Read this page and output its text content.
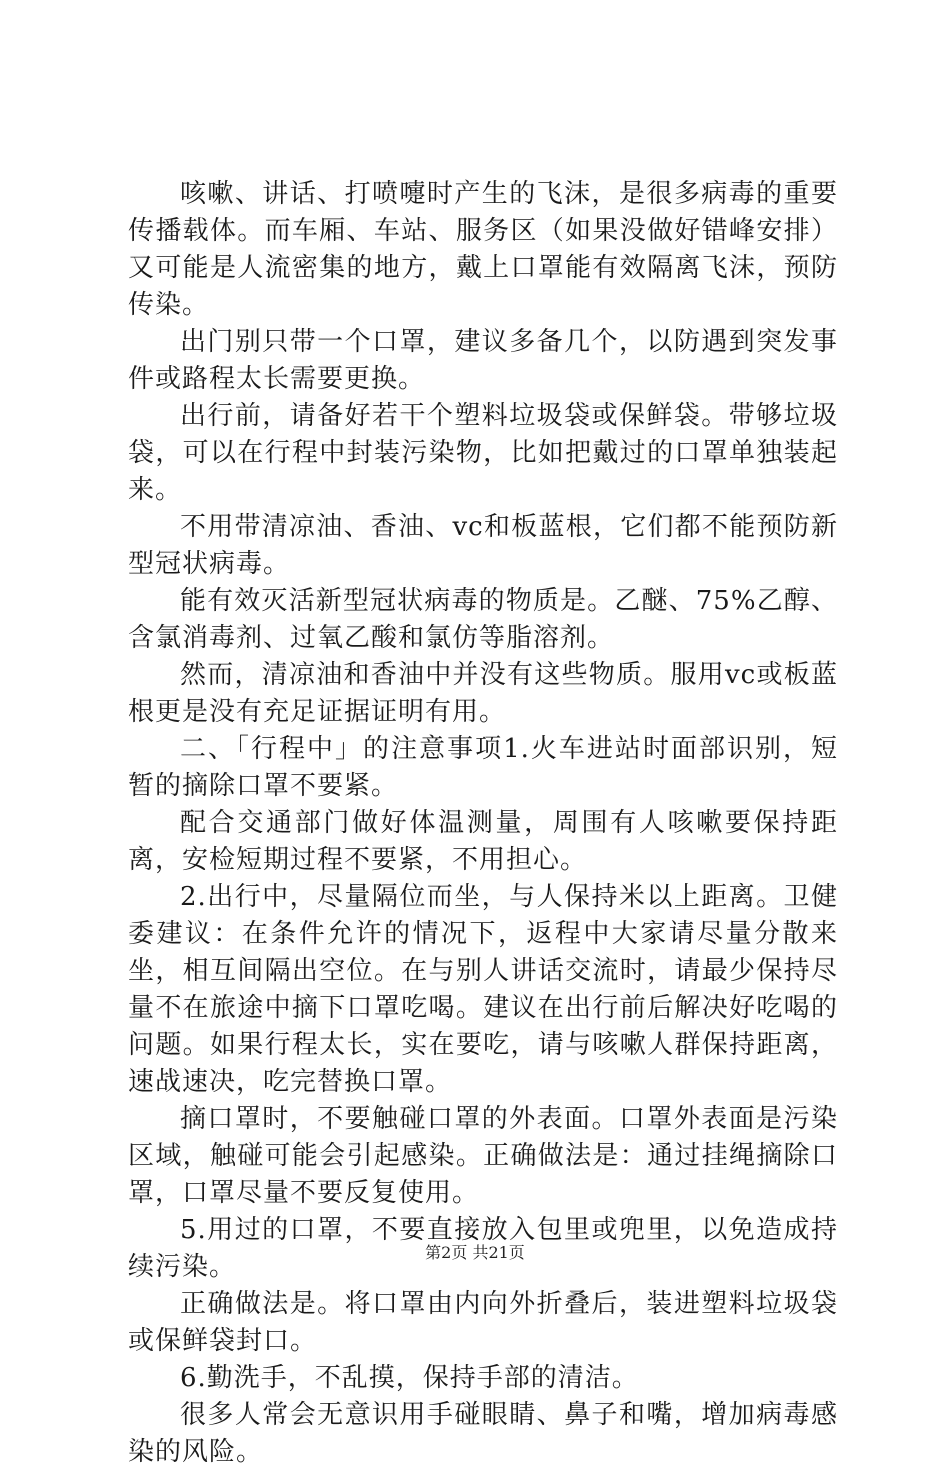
咳嗽、讲话、打喷嚏时产生的飞沫，是很多病毒的重要传播载体。而车厢、车站、服务区（如果没做好错峰安排）又可能是人流密集的地方，戴上口罩能有效隔离飞沫，预防传染。

出门别只带一个口罩，建议多备几个，以防遇到突发事件或路程太长需要更换。

出行前，请备好若干个塑料垃圾袋或保鲜袋。带够垃圾袋，可以在行程中封装污染物，比如把戴过的口罩单独装起来。

不用带清凉油、香油、vc和板蓝根，它们都不能预防新型冠状病毒。

能有效灭活新型冠状病毒的物质是。乙醚、75%乙醇、含氯消毒剂、过氧乙酸和氯仿等脂溶剂。

然而，清凉油和香油中并没有这些物质。服用vc或板蓝根更是没有充足证据证明有用。

二、「行程中」的注意事项1.火车进站时面部识别，短暂的摘除口罩不要紧。

配合交通部门做好体温测量，周围有人咳嗽要保持距离，安检短期过程不要紧，不用担心。

2.出行中，尽量隔位而坐，与人保持米以上距离。卫健委建议：在条件允许的情况下，返程中大家请尽量分散来坐，相互间隔出空位。在与别人讲话交流时，请最少保持尽量不在旅途中摘下口罩吃喝。建议在出行前后解决好吃喝的问题。如果行程太长，实在要吃，请与咳嗽人群保持距离，速战速决，吃完替换口罩。

摘口罩时，不要触碰口罩的外表面。口罩外表面是污染区域，触碰可能会引起感染。正确做法是：通过挂绳摘除口罩，口罩尽量不要反复使用。

5.用过的口罩，不要直接放入包里或兜里，以免造成持续污染。

正确做法是。将口罩由内向外折叠后，装进塑料垃圾袋或保鲜袋封口。

6.勤洗手，不乱摸，保持手部的清洁。

很多人常会无意识用手碰眼睛、鼻子和嘴，增加病毒感染的风险。

第2页 共21页
